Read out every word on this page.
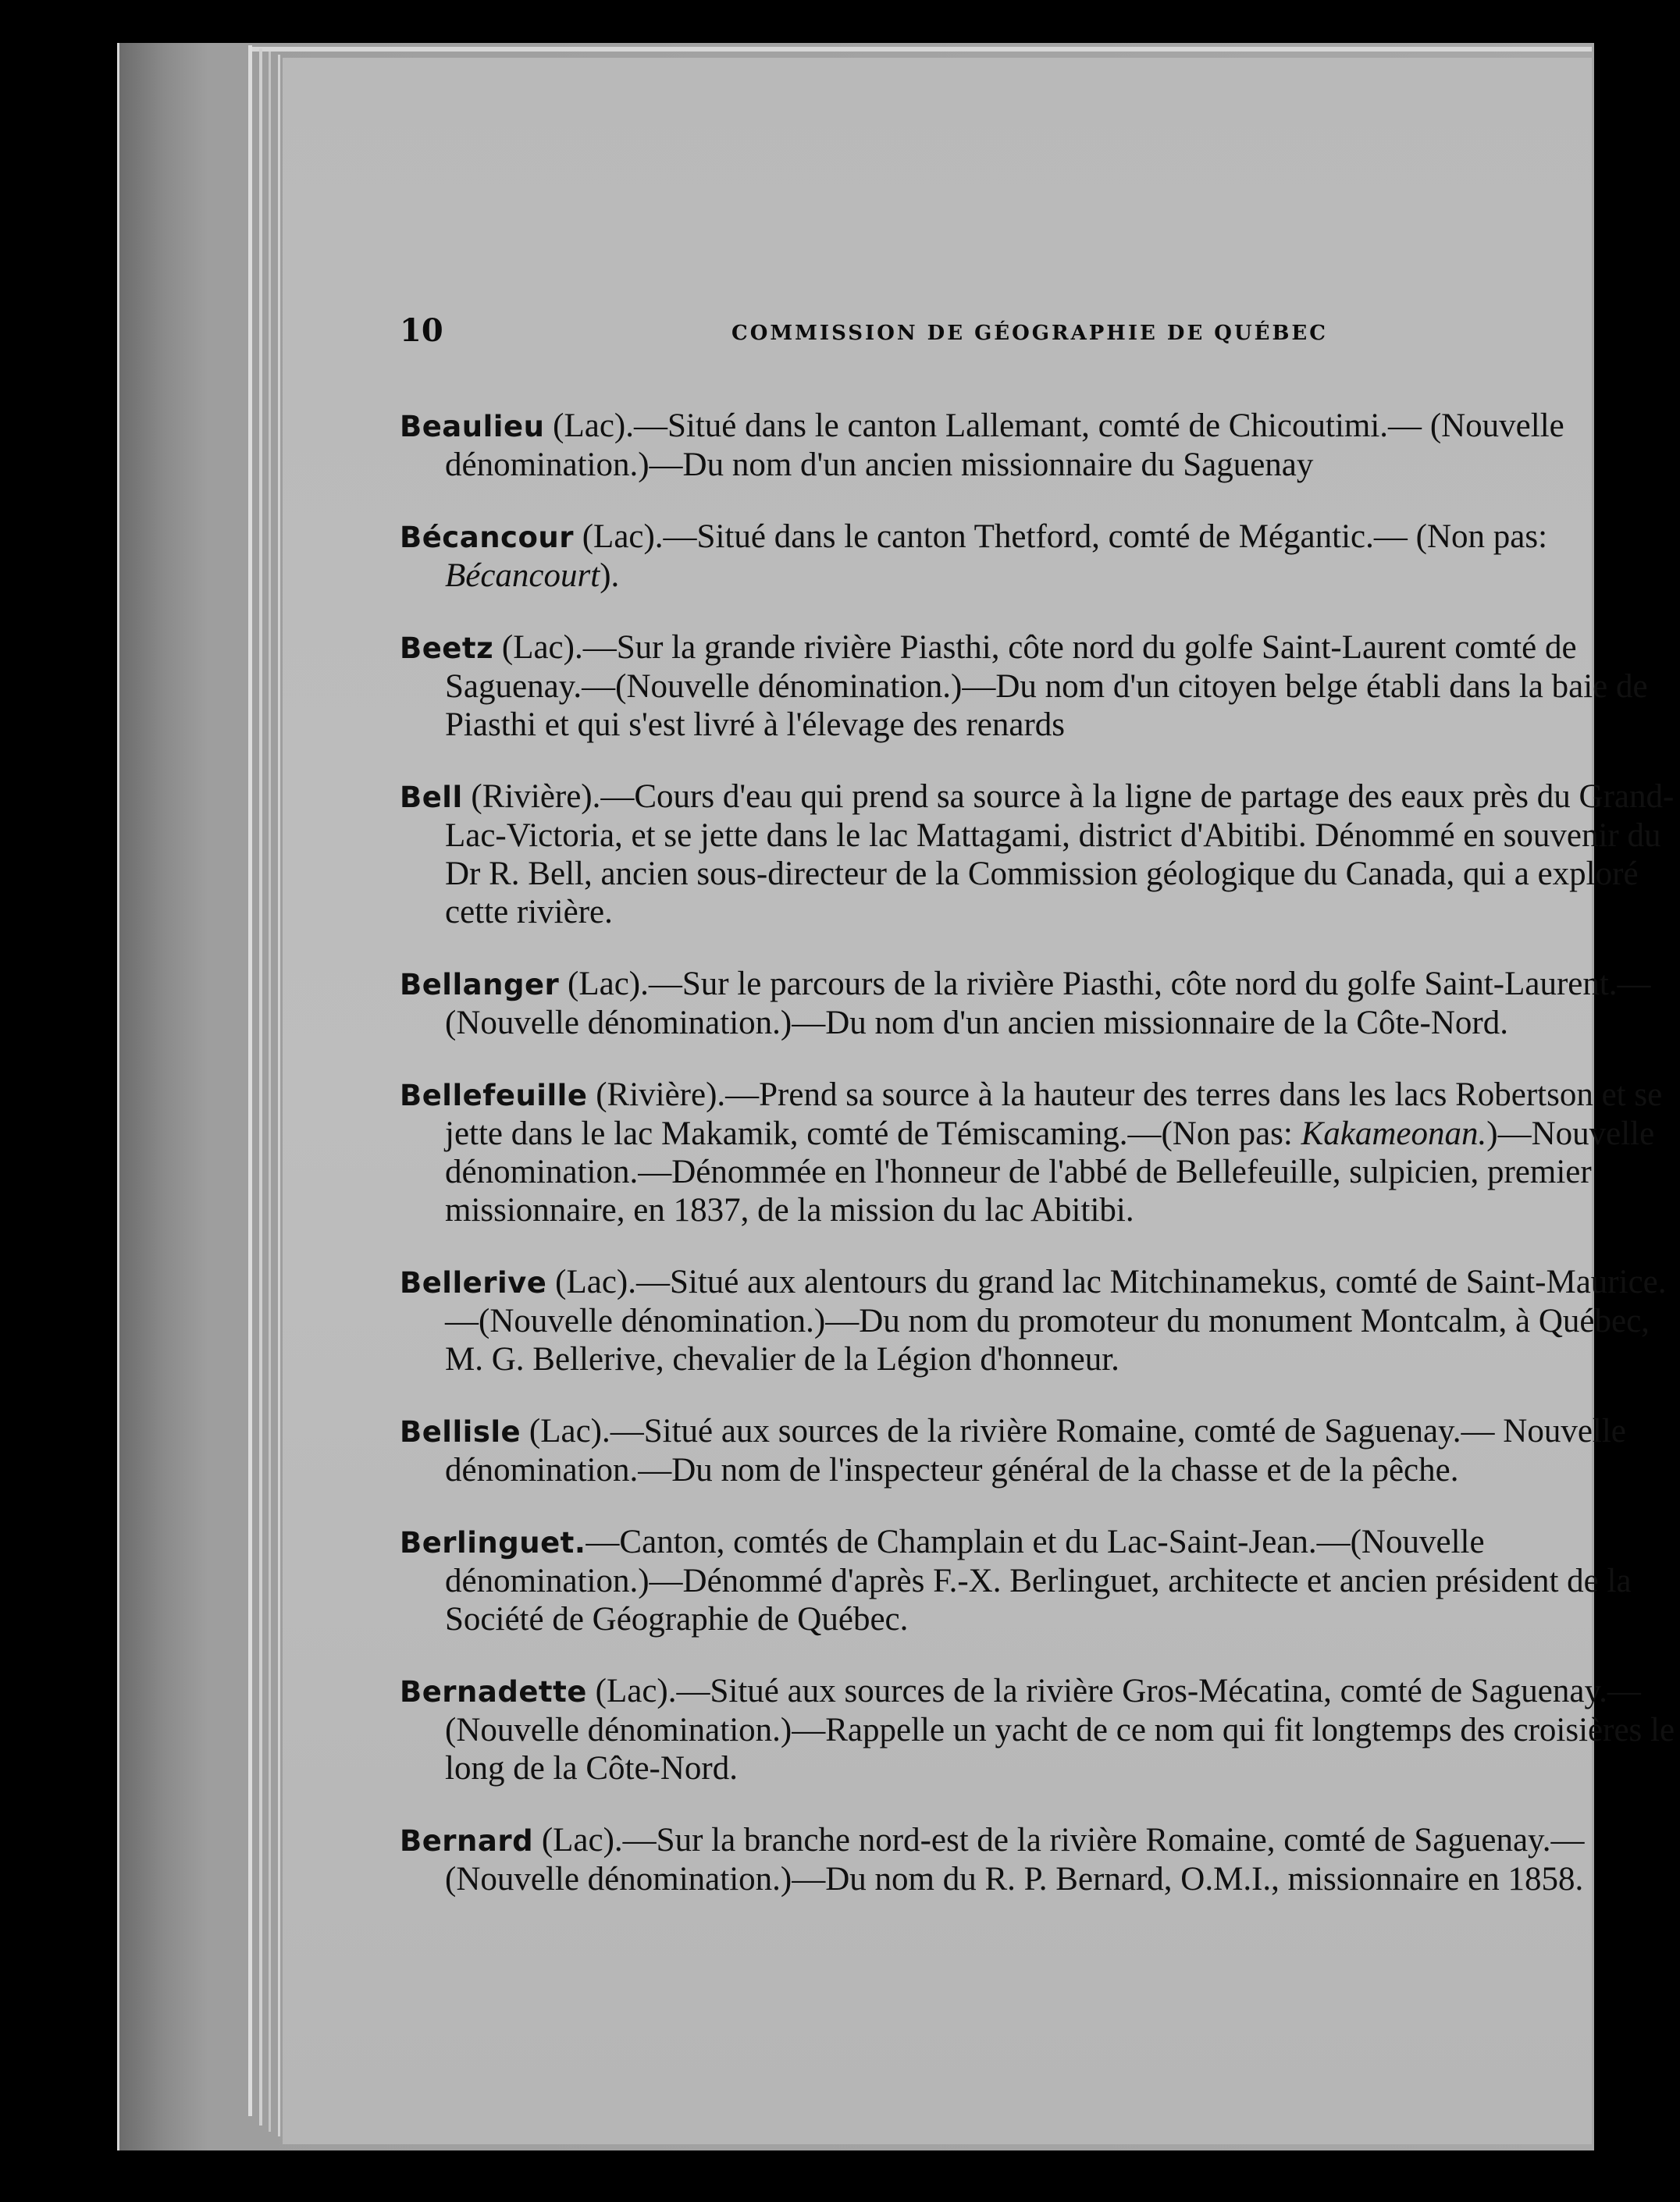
10	COMMISSION DE GÉOGRAPHIE DE QUÉBEC

Beaulieu (Lac).—Situé dans le canton Lallemant, comté de Chicoutimi.— (Nouvelle dénomination.)—Du nom d'un ancien missionnaire du Saguenay

Bécancour (Lac).—Situé dans le canton Thetford, comté de Mégantic.— (Non pas: Bécancourt).

Beetz (Lac).—Sur la grande rivière Piasthi, côte nord du golfe Saint-Laurent comté de Saguenay.—(Nouvelle dénomination.)—Du nom d'un citoyen belge établi dans la baie de Piasthi et qui s'est livré à l'élevage des renards

Bell (Rivière).—Cours d'eau qui prend sa source à la ligne de partage des eaux près du Grand-Lac-Victoria, et se jette dans le lac Mattagami, district d'Abitibi. Dénommé en souvenir du Dr R. Bell, ancien sous-directeur de la Commission géologique du Canada, qui a exploré cette rivière.

Bellanger (Lac).—Sur le parcours de la rivière Piasthi, côte nord du golfe Saint-Laurent.—(Nouvelle dénomination.)—Du nom d'un ancien missionnaire de la Côte-Nord.

Bellefeuille (Rivière).—Prend sa source à la hauteur des terres dans les lacs Robertson et se jette dans le lac Makamik, comté de Témiscaming.—(Non pas: Kakameonan.)—Nouvelle dénomination.—Dénommée en l'honneur de l'abbé de Bellefeuille, sulpicien, premier missionnaire, en 1837, de la mission du lac Abitibi.

Bellerive (Lac).—Situé aux alentours du grand lac Mitchinamekus, comté de Saint-Maurice.—(Nouvelle dénomination.)—Du nom du promoteur du monument Montcalm, à Québec, M. G. Bellerive, chevalier de la Légion d'honneur.

Bellisle (Lac).—Situé aux sources de la rivière Romaine, comté de Saguenay.— Nouvelle dénomination.—Du nom de l'inspecteur général de la chasse et de la pêche.

Berlinguet.—Canton, comtés de Champlain et du Lac-Saint-Jean.—(Nouvelle dénomination.)—Dénommé d'après F.-X. Berlinguet, architecte et ancien président de la Société de Géographie de Québec.

Bernadette (Lac).—Situé aux sources de la rivière Gros-Mécatina, comté de Saguenay.—(Nouvelle dénomination.)—Rappelle un yacht de ce nom qui fit longtemps des croisières le long de la Côte-Nord.

Bernard (Lac).—Sur la branche nord-est de la rivière Romaine, comté de Saguenay.—(Nouvelle dénomination.)—Du nom du R. P. Bernard, O.M.I., missionnaire en 1858.
